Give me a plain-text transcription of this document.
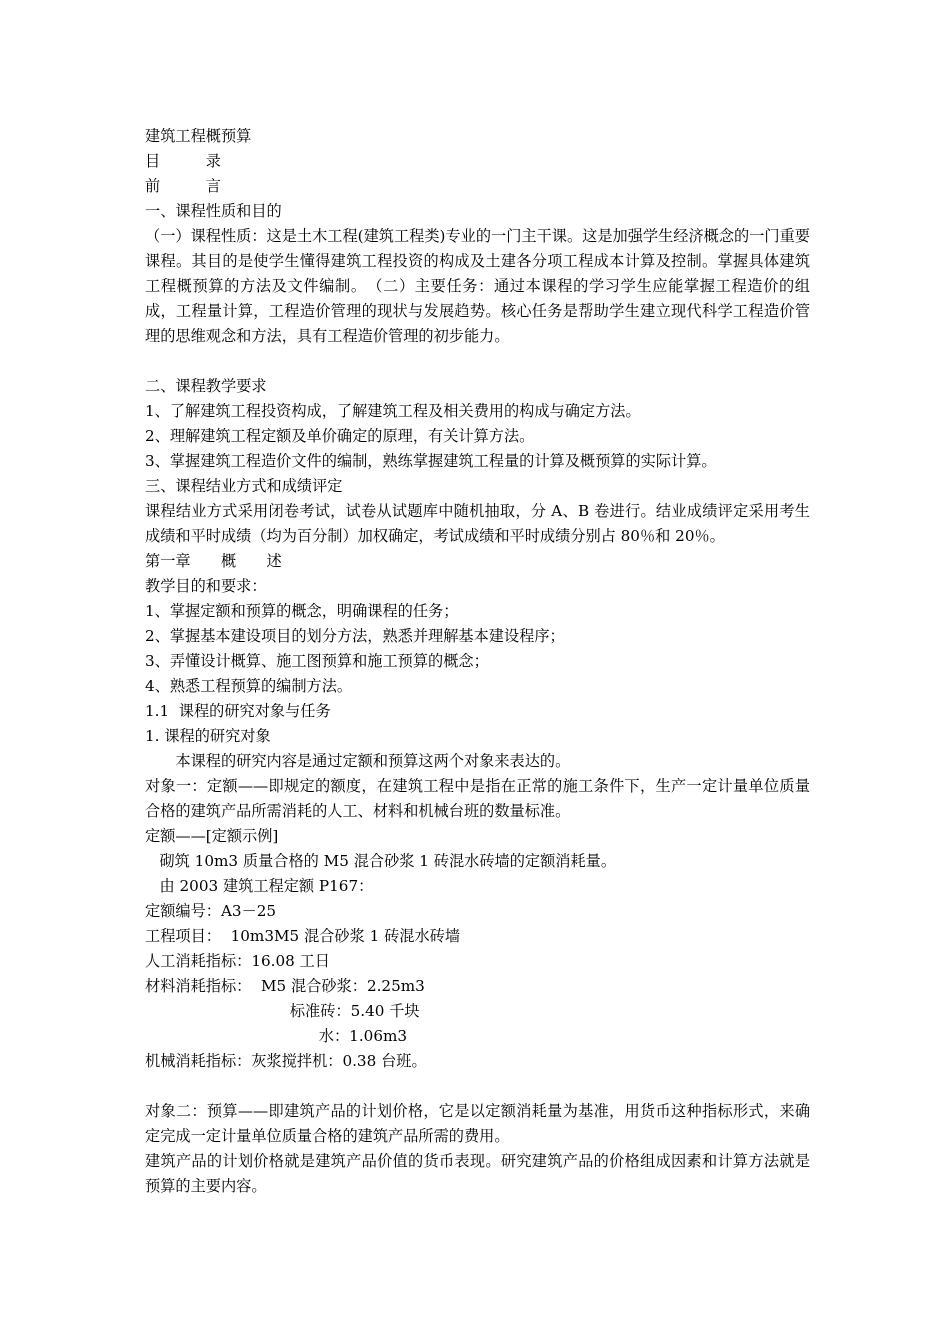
建筑工程概预算
目　　　录
前　　　言
一、课程性质和目的
（一）课程性质：这是土木工程(建筑工程类)专业的一门主干课。这是加强学生经济概念的一门重要课程。其目的是使学生懂得建筑工程投资的构成及土建各分项工程成本计算及控制。掌握具体建筑工程概预算的方法及文件编制。　（二）主要任务：通过本课程的学习学生应能掌握工程造价的组成，工程量计算，工程造价管理的现状与发展趋势。核心任务是帮助学生建立现代科学工程造价管理的思维观念和方法，具有工程造价管理的初步能力。
二、课程教学要求
1、了解建筑工程投资构成，了解建筑工程及相关费用的构成与确定方法。
2、理解建筑工程定额及单价确定的原理，有关计算方法。
3、掌握建筑工程造价文件的编制，熟练掌握建筑工程量的计算及概预算的实际计算。
三、课程结业方式和成绩评定
课程结业方式采用闭卷考试，试卷从试题库中随机抽取，分 A、B 卷进行。结业成绩评定采用考生成绩和平时成绩（均为百分制）加权确定，考试成绩和平时成绩分别占 80％和 20％。
第一章　　概　　述
教学目的和要求：
1、掌握定额和预算的概念，明确课程的任务；
2、掌握基本建设项目的划分方法，熟悉并理解基本建设程序；
3、弄懂设计概算、施工图预算和施工预算的概念；
4、熟悉工程预算的编制方法。
1.1  课程的研究对象与任务
1. 课程的研究对象
　　本课程的研究内容是通过定额和预算这两个对象来表达的。
对象一：定额——即规定的额度，在建筑工程中是指在正常的施工条件下，生产一定计量单位质量合格的建筑产品所需消耗的人工、材料和机械台班的数量标准。
定额——[定额示例]
砌筑 10m3 质量合格的 M5 混合砂浆 1 砖混水砖墙的定额消耗量。
由 2003 建筑工程定额 P167：
定额编号：A3－25
工程项目：  10m3M5 混合砂浆 1 砖混水砖墙
人工消耗指标：16.08 工日
材料消耗指标：  M5 混合砂浆：2.25m3
标准砖：5.40 千块
水：1.06m3
机械消耗指标：灰浆搅拌机：0.38 台班。
对象二：预算——即建筑产品的计划价格，它是以定额消耗量为基准，用货币这种指标形式，来确定完成一定计量单位质量合格的建筑产品所需的费用。
建筑产品的计划价格就是建筑产品价值的货币表现。研究建筑产品的价格组成因素和计算方法就是预算的主要内容。
